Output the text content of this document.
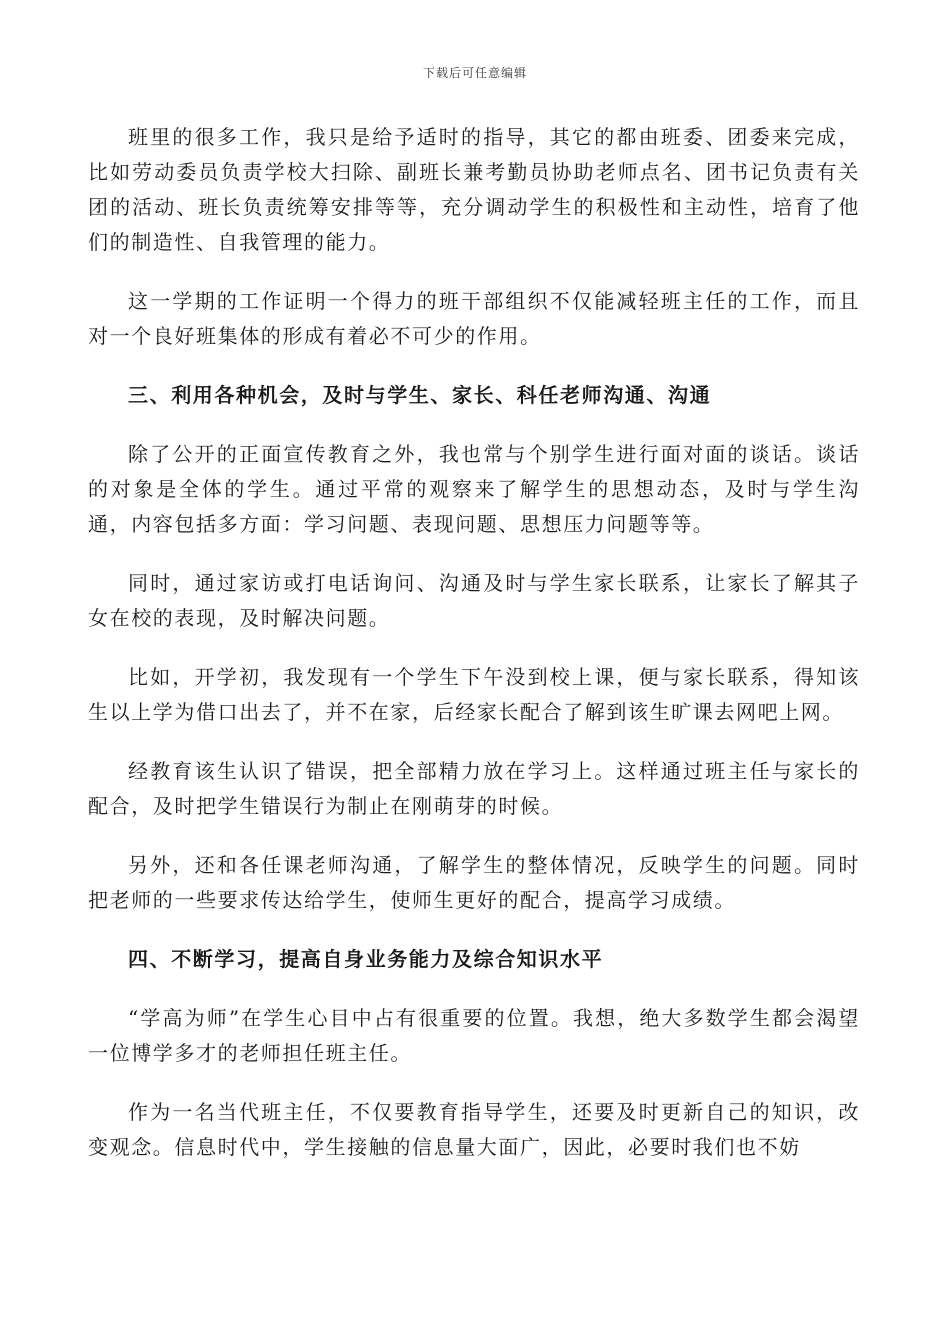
下载后可任意编辑

班里的很多工作，我只是给予适时的指导，其它的都由班委、团委来完成，比如劳动委员负责学校大扫除、副班长兼考勤员协助老师点名、团书记负责有关团的活动、班长负责统筹安排等等，充分调动学生的积极性和主动性，培育了他们的制造性、自我管理的能力。

这一学期的工作证明一个得力的班干部组织不仅能减轻班主任的工作，而且对一个良好班集体的形成有着必不可少的作用。

三、利用各种机会，及时与学生、家长、科任老师沟通、沟通

除了公开的正面宣传教育之外，我也常与个别学生进行面对面的谈话。谈话的对象是全体的学生。通过平常的观察来了解学生的思想动态，及时与学生沟通，内容包括多方面：学习问题、表现问题、思想压力问题等等。

同时，通过家访或打电话询问、沟通及时与学生家长联系，让家长了解其子女在校的表现，及时解决问题。

比如，开学初，我发现有一个学生下午没到校上课，便与家长联系，得知该生以上学为借口出去了，并不在家，后经家长配合了解到该生旷课去网吧上网。

经教育该生认识了错误，把全部精力放在学习上。这样通过班主任与家长的配合，及时把学生错误行为制止在刚萌芽的时候。

另外，还和各任课老师沟通，了解学生的整体情况，反映学生的问题。同时把老师的一些要求传达给学生，使师生更好的配合，提高学习成绩。

四、不断学习，提高自身业务能力及综合知识水平

“学高为师”在学生心目中占有很重要的位置。我想，绝大多数学生都会渴望一位博学多才的老师担任班主任。

作为一名当代班主任，不仅要教育指导学生，还要及时更新自己的知识，改变观念。信息时代中，学生接触的信息量大面广，因此，必要时我们也不妨
